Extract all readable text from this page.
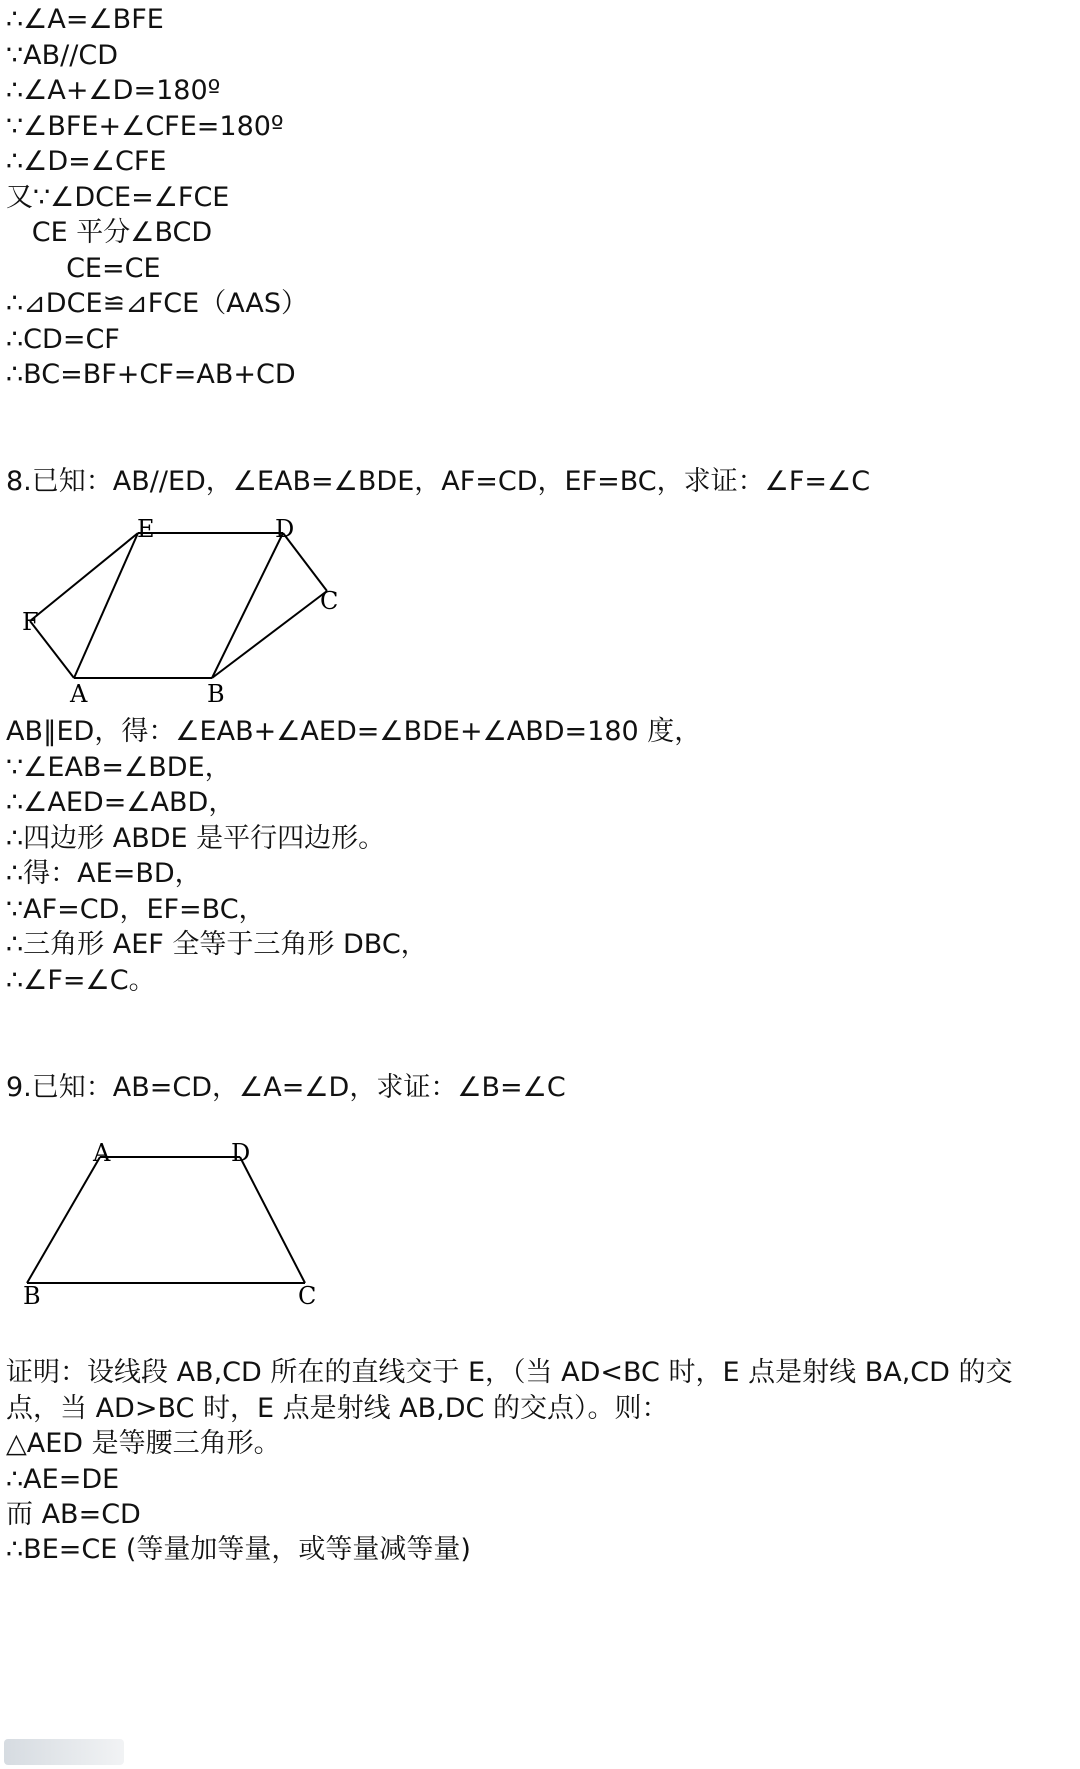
∴∠A=∠BFE
∵AB//CD
∴∠A+∠D=180º
∵∠BFE+∠CFE=180º
∴∠D=∠CFE
又∵∠DCE=∠FCE
CE 平分∠BCD
CE=CE
∴⊿DCE≌⊿FCE（AAS）
∴CD=CF
∴BC=BF+CF=AB+CD
8.已知：AB//ED，∠EAB=∠BDE，AF=CD，EF=BC，求证：∠F=∠C
E	D
C
F
A	B
AB‖ED，得：∠EAB+∠AED=∠BDE+∠ABD=180 度，
∵∠EAB=∠BDE，
∴∠AED=∠ABD，
∴四边形 ABDE 是平行四边形。
∴得：AE=BD，
∵AF=CD，EF=BC，
∴三角形 AEF 全等于三角形 DBC，
∴∠F=∠C。
9.已知：AB=CD，∠A=∠D，求证：∠B=∠C
A	D
B	C
证明：设线段 AB,CD 所在的直线交于 E，（当 AD<BC 时，E 点是射线 BA,CD 的交
点，当 AD>BC 时，E 点是射线 AB,DC 的交点）。则：
△AED 是等腰三角形。
∴AE=DE
而 AB=CD
∴BE=CE (等量加等量，或等量减等量)
